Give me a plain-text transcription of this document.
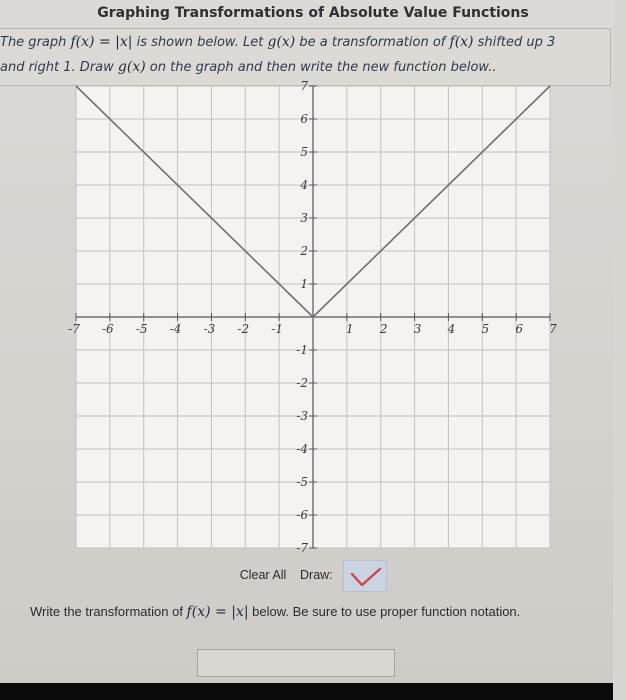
Graphing Transformations of Absolute Value Functions
The graph f(x) = |x| is shown below. Let g(x) be a transformation of f(x) shifted up 3
and right 1. Draw g(x) on the graph and then write the new function below..
-7 -6 -5 -4 -3 -2 -1	1 2 3 4 5 6 7
7
6
5
4
3
2
1
-1
-2
-3
-4
-5
-6
-7
Clear All	Draw:
Write the transformation of f(x) = |x| below. Be sure to use proper function notation.
